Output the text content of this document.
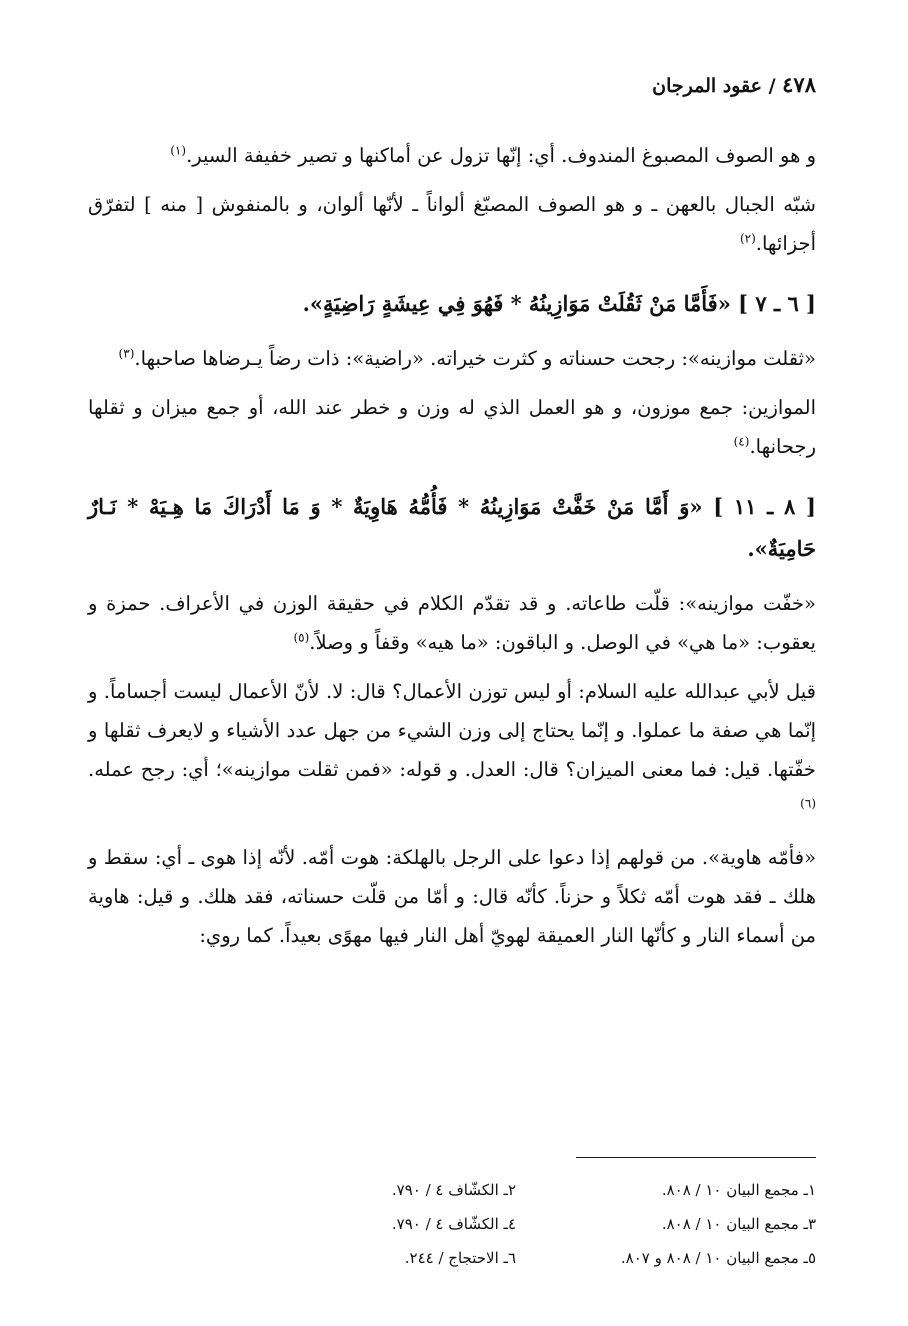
٤٧٨ / عقود المرجان

و هو الصوف المصبوغ المندوف. أي: إنّها تزول عن أماكنها و تصير خفيفة السير.$^{(١)}$

شبّه الجبال بالعهن ـ و هو الصوف المصبّغ ألواناً ـ لأنّها ألوان، و بالمنفوش [ منه ] لتفرّق أجزائها.$^{(٢)}$

[ ٦ ـ ٧ ] «فَأَمَّا مَنْ ثَقُلَتْ مَوَازِينُهُ * فَهُوَ فِي عِيشَةٍ رَاضِيَةٍ».

«ثقلت موازينه»: رجحت حسناته و كثرت خيراته. «راضية»: ذات رضاً يـرضاها صاحبها.$^{(٣)}$

الموازين: جمع موزون، و هو العمل الذي له وزن و خطر عند الله، أو جمع ميزان و ثقلها رجحانها.$^{(٤)}$

[ ٨ ـ ١١ ] «وَ أَمَّا مَنْ خَفَّتْ مَوَازِينُهُ * فَأُمُّهُ هَاوِيَةٌ * وَ مَا أَدْرَاكَ مَا هِـيَهْ * نَـارٌ حَامِيَةٌ».

«خفّت موازينه»: قلّت طاعاته. و قد تقدّم الكلام في حقيقة الوزن في الأعراف. حمزة و يعقوب: «ما هي» في الوصل. و الباقون: «ما هيه» وقفاً و وصلاً.$^{(٥)}$

قيل لأبي عبدالله عليه السلام: أو ليس توزن الأعمال؟ قال: لا. لأنّ الأعمال ليست أجساماً. و إنّما هي صفة ما عملوا. و إنّما يحتاج إلى وزن الشيء من جهل عدد الأشياء و لايعرف ثقلها و خفّتها. قيل: فما معنى الميزان؟ قال: العدل. و قوله: «فمن ثقلت موازينه»؛ أي: رجح عمله.$^{(٦)}$

«فأمّه هاوية». من قولهم إذا دعوا على الرجل بالهلكة: هوت أمّه. لأنّه إذا هوى ـ أي: سقط و هلك ـ فقد هوت أمّه ثكلاً و حزناً. كأنّه قال: و أمّا من قلّت حسناته، فقد هلك. و قيل: هاوية من أسماء النار و كأنّها النار العميقة لهويّ أهل النار فيها مهوًى بعيداً. كما روي:

١ـ مجمع البيان ١٠ / ٨٠٨.
٢ـ الكشّاف ٤ / ٧٩٠.
٣ـ مجمع البيان ١٠ / ٨٠٨.
٤ـ الكشّاف ٤ / ٧٩٠.
٥ـ مجمع البيان ١٠ / ٨٠٨ و ٨٠٧.
٦ـ الاحتجاج / ٢٤٤.
